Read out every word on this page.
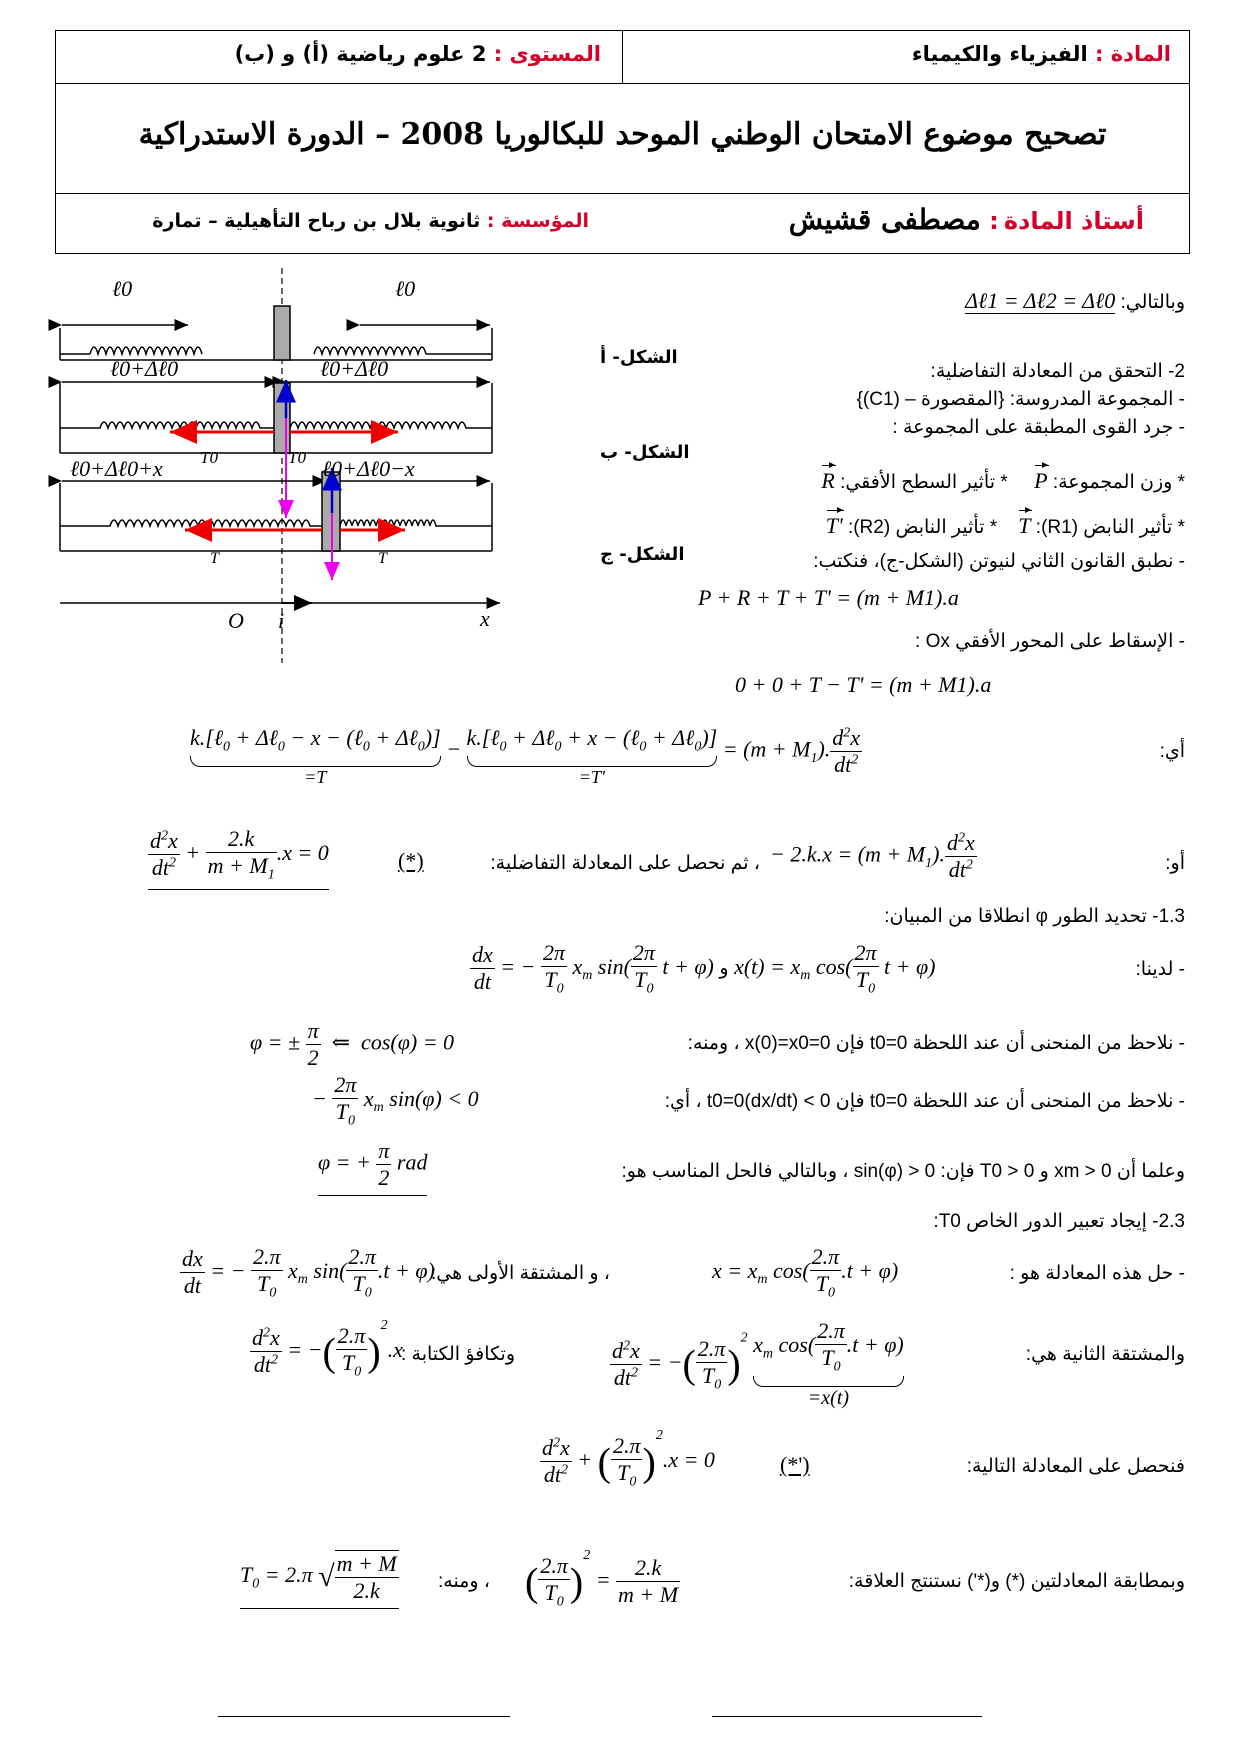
المادة : الفيزياء والكيمياء
المستوى : 2 علوم رياضية (أ) و (ب)
تصحيح موضوع الامتحان الوطني الموحد للبكالوريا 2008 – الدورة الاستدراكية
أستاذ المادة : مصطفى قشيش
المؤسسة : ثانوية بلال بن رباح التأهيلية – تمارة
ℓ0	ℓ0
ℓ0+Δℓ0	ℓ0+Δℓ0
ℓ0+Δℓ0+x	ℓ0+Δℓ0−x
T0	T0
T	T
O i	x
الشكل- أ
الشكل- ب
الشكل- ج
وبالتالي: Δℓ1 = Δℓ2 = Δℓ0
2- التحقق من المعادلة التفاضلية:
- المجموعة المدروسة: {المقصورة – (C1)}
- جرد القوى المطبقة على المجموعة :
* وزن المجموعة: P     * تأثير السطح الأفقي: R
* تأثير النابض (R1): T    * تأثير النابض (R2): T'
- نطبق القانون الثاني لنيوتن (الشكل-ج)، فنكتب:
P + R + T + T' = (m + M1).a
- الإسقاط على المحور الأفقي Ox :
0 + 0 + T − T' = (m + M1).a
أي:
k.[ℓ$_0$ + Δℓ$_0$ − x − (ℓ$_0$ + Δℓ$_0$)]
=T
− k.[ℓ$_0$ + Δℓ$_0$ + x − (ℓ$_0$ + Δℓ$_0$)]
=T'
= $(m + M_1)$. $\frac{d^2x}{dt^2}$
أو:
− $2.k.x = (m + M_1)$. $\frac{d^2x}{dt^2}$
، ثم نحصل على المعادلة التفاضلية:
$\frac{d^2x}{dt^2} + \frac{2.k}{m + M_1} .x = 0$	(*)
1.3- تحديد الطور φ انطلاقا من المبيان:
- لدينا:
$\frac{dx}{dt}$ = − $\frac{2\pi}{T_0} x_m$ $\sin( \frac{2\pi}{T_0}$ t + φ) و $x(t) = x_m$ $\cos( \frac{2\pi}{T_0}$ t + φ)
- نلاحظ من المنحنى أن عند اللحظة t0=0 فإن x(0)=x0=0 ، ومنه:
φ = ± $\frac{\pi}{2}$ ⇐  cos(φ) = 0
- نلاحظ من المنحنى أن عند اللحظة t0=0 فإن 0 > (dx/dt)t0=0 ، أي:
− $\frac{2\pi}{T_0} x_m$ sin(φ) < 0
وعلما أن xm > 0 و T0 > 0 فإن: sin(φ) > 0 ، وبالتالي فالحل المناسب هو:
φ = + $\frac{\pi}{2}$ rad
2.3- إيجاد تعبير الدور الخاص T0:
- حل هذه المعادلة هو :
$x = x_m$ $\cos( \frac{2.\pi}{T_0} .t + \varphi)$
، و المشتقة الأولى هي:
$\frac{dx}{dt}$ = − $\frac{2.\pi}{T_0} x_m$ $\sin( \frac{2.\pi}{T_0} .t + \varphi)$
والمشتقة الثانية هي:
$\frac{d^2x}{dt^2}$ = −( $\frac{2.\pi}{T_0} )^2$ $x_m$ $\cos( \frac{2.\pi}{T_0} .t + \varphi)$
=x(t)
وتكافؤ الكتابة :
$\frac{d^2x}{dt^2}$ = −( $\frac{2.\pi}{T_0} )^2.x$
فنحصل على المعادلة التالية:
$\frac{d^2x}{dt^2}$ + ( $\frac{2.\pi}{T_0} )^2.x = 0$	(*')
وبمطابقة المعادلتين (*) و(*') نستنتج العلاقة:
( $\frac{2.\pi}{T_0} )^2 = \frac{2.k}{m + M}$
، ومنه:
$T_0 = 2.\pi$ √ $\frac{m + M}{2.k}$
